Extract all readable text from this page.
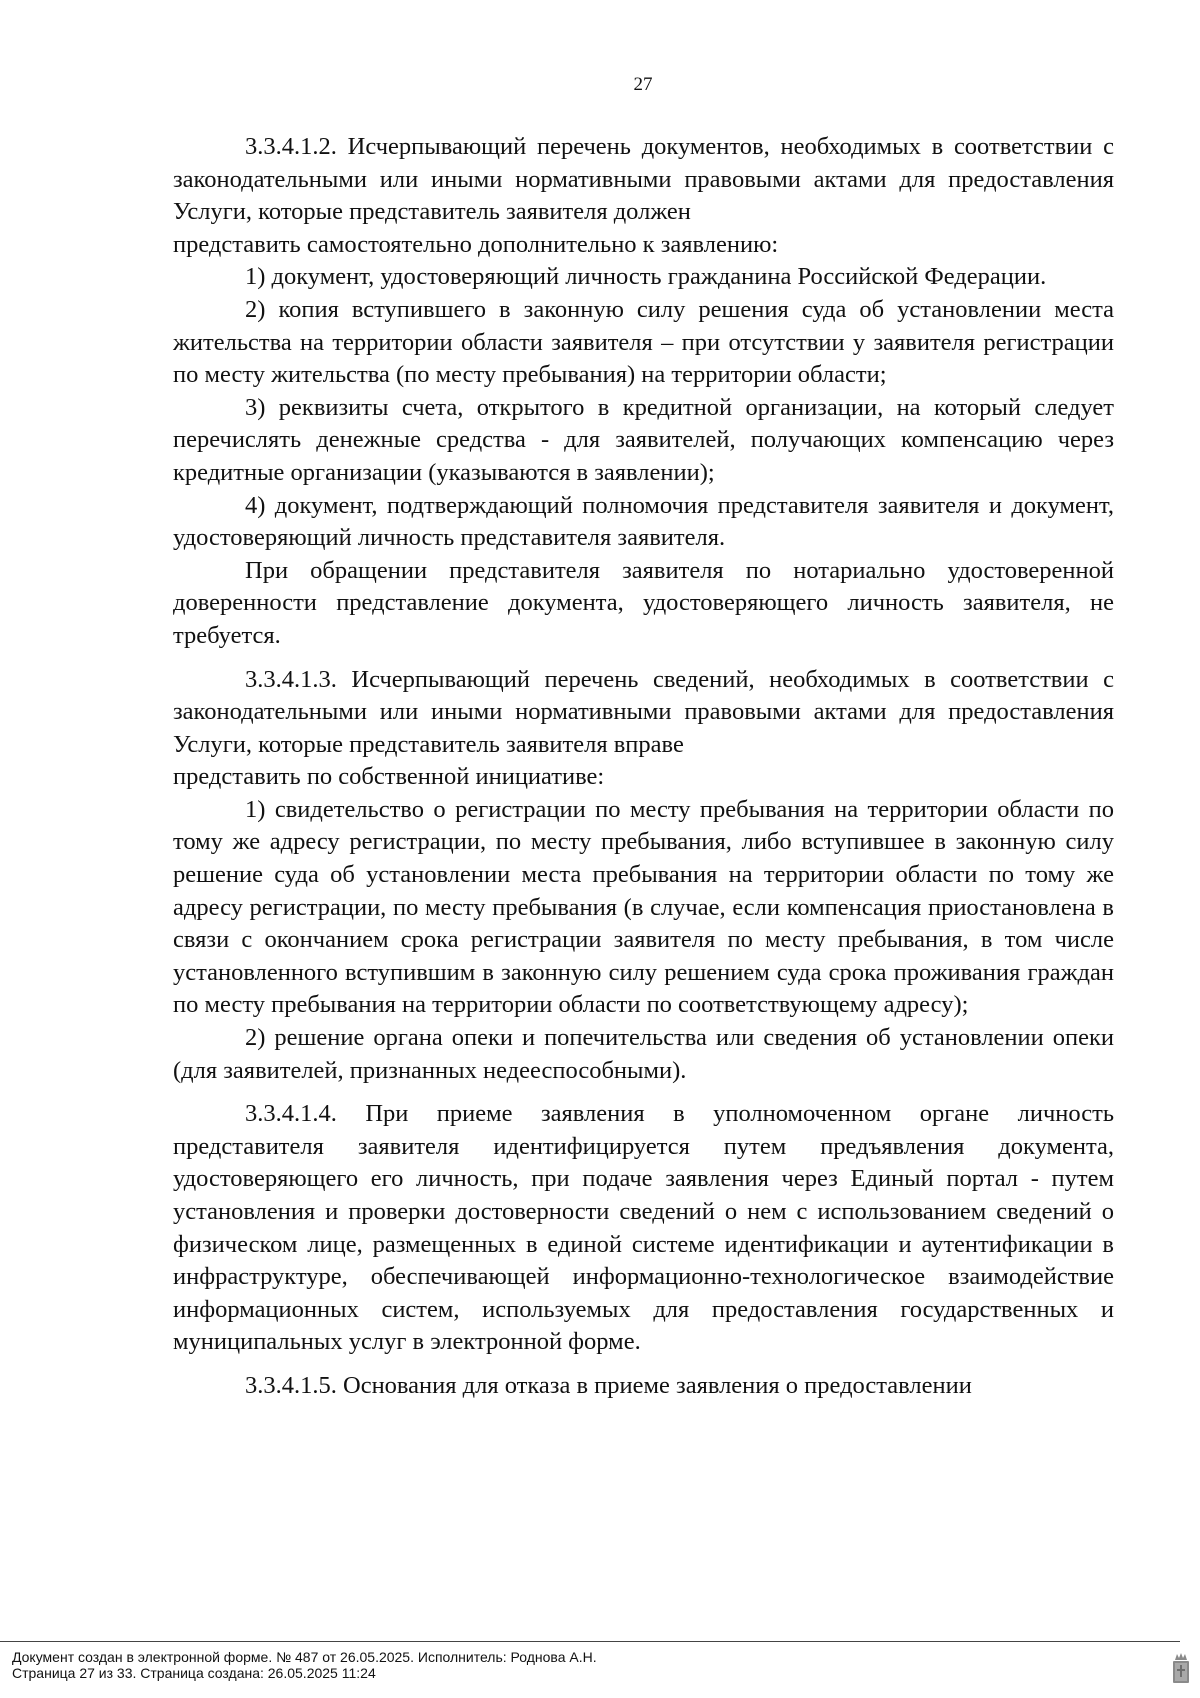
27

3.3.4.1.2. Исчерпывающий перечень документов, необходимых в соответствии с законодательными или иными нормативными правовыми актами для предоставления Услуги, которые представитель заявителя должен
представить самостоятельно дополнительно к заявлению:

1) документ, удостоверяющий личность гражданина Российской Федерации.

2) копия вступившего в законную силу решения суда об установлении места жительства на территории области заявителя – при отсутствии у заявителя регистрации по месту жительства (по месту пребывания) на территории области;

3) реквизиты счета, открытого в кредитной организации, на который следует перечислять денежные средства - для заявителей, получающих компенсацию через кредитные организации (указываются в заявлении);

4) документ, подтверждающий полномочия представителя заявителя и документ, удостоверяющий личность представителя заявителя.

При обращении представителя заявителя по нотариально удостоверенной доверенности представление документа, удостоверяющего личность заявителя, не требуется.

3.3.4.1.3. Исчерпывающий перечень сведений, необходимых в соответствии с законодательными или иными нормативными правовыми актами для предоставления Услуги, которые представитель заявителя вправе
представить по собственной инициативе:

1) свидетельство о регистрации по месту пребывания на территории области по тому же адресу регистрации, по месту пребывания, либо вступившее в законную силу решение суда об установлении места пребывания на территории области по тому же адресу регистрации, по месту пребывания (в случае, если компенсация приостановлена в связи с окончанием срока регистрации заявителя по месту пребывания, в том числе установленного вступившим в законную силу решением суда срока проживания граждан по месту пребывания на территории области по соответствующему адресу);

2) решение органа опеки и попечительства или сведения об установлении опеки (для заявителей, признанных недееспособными).

3.3.4.1.4. При приеме заявления в уполномоченном органе личность представителя заявителя идентифицируется путем предъявления документа, удостоверяющего его личность, при подаче заявления через Единый портал - путем установления и проверки достоверности сведений о нем с использованием сведений о физическом лице, размещенных в единой системе идентификации и аутентификации в инфраструктуре, обеспечивающей информационно-технологическое взаимодействие информационных систем, используемых для предоставления государственных и муниципальных услуг в электронной форме.

3.3.4.1.5. Основания для отказа в приеме заявления о предоставлении

Документ создан в электронной форме. № 487 от 26.05.2025. Исполнитель: Роднова А.Н.
Страница 27 из 33. Страница создана: 26.05.2025 11:24
